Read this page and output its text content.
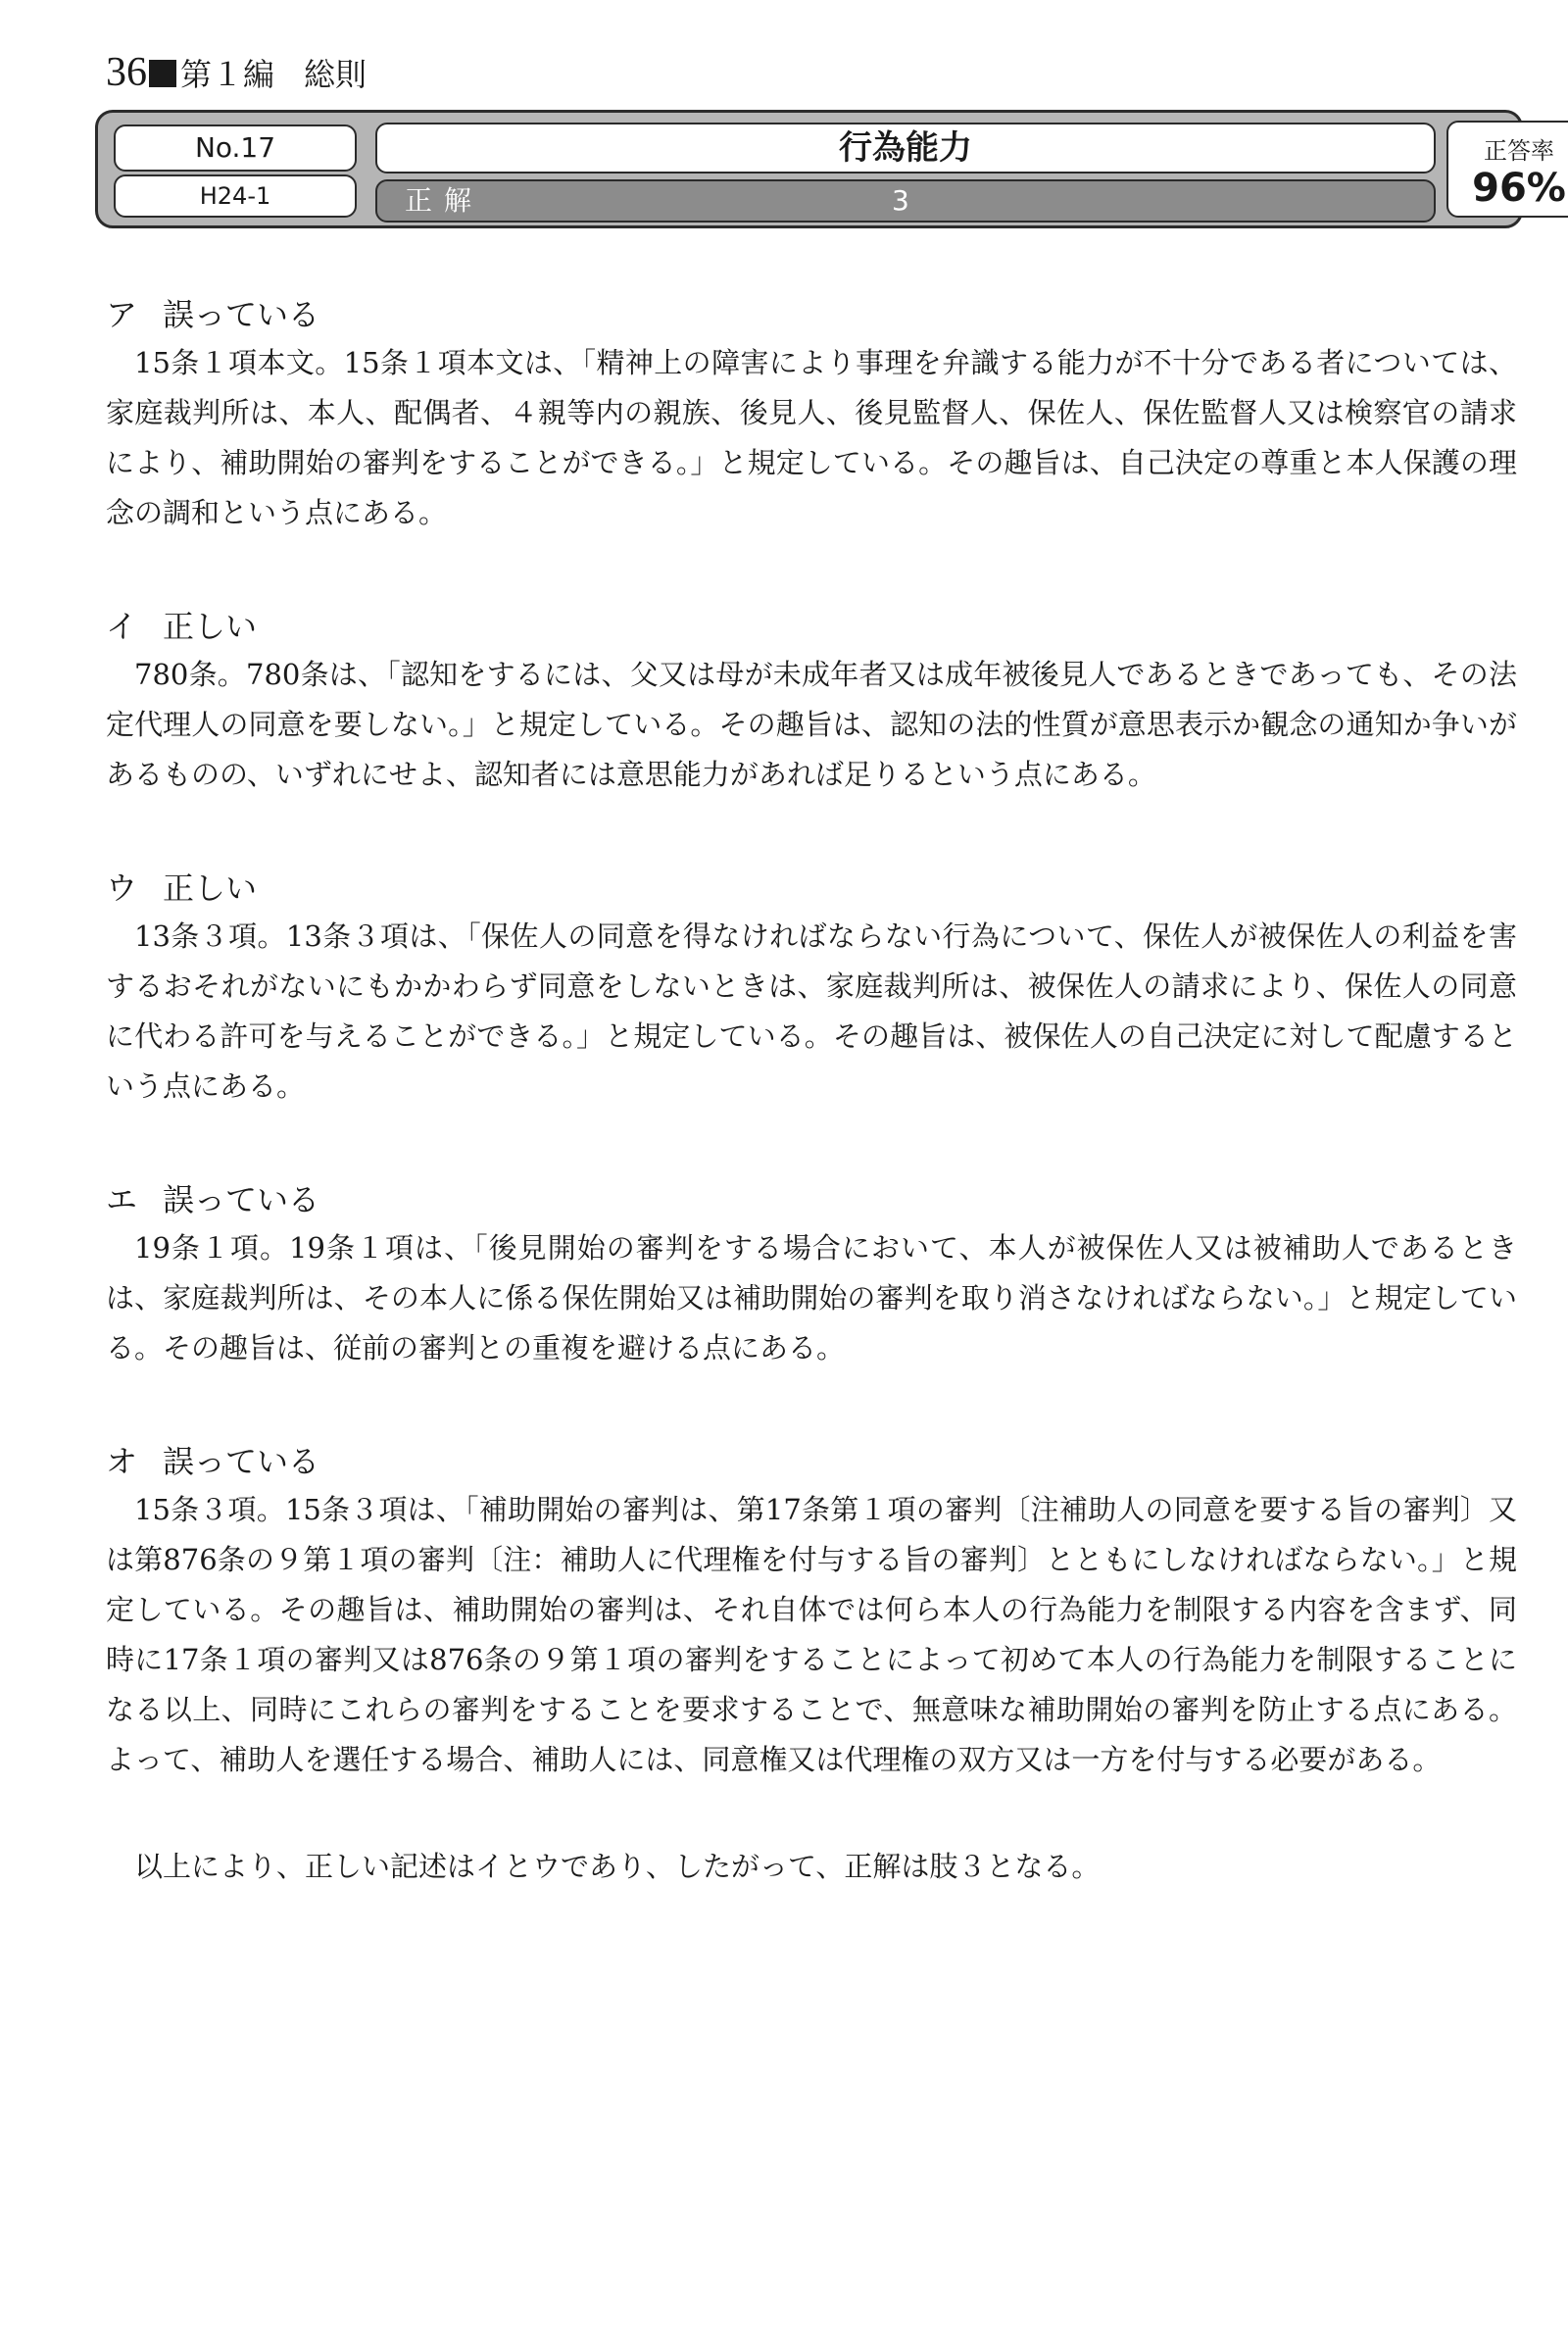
36 第１編 総則
No.17
H24-1
行為能力
正解	3
正答率
96%
ア 誤っている
15条１項本文。15条１項本文は、「精神上の障害により事理を弁識する能力が不十分である者については、家庭裁判所は、本人、配偶者、４親等内の親族、後見人、後見監督人、保佐人、保佐監督人又は検察官の請求により、補助開始の審判をすることができる。」と規定している。その趣旨は、自己決定の尊重と本人保護の理念の調和という点にある。
イ 正しい
780条。780条は、「認知をするには、父又は母が未成年者又は成年被後見人であるときであっても、その法定代理人の同意を要しない。」と規定している。その趣旨は、認知の法的性質が意思表示か観念の通知か争いがあるものの、いずれにせよ、認知者には意思能力があれば足りるという点にある。
ウ 正しい
13条３項。13条３項は、「保佐人の同意を得なければならない行為について、保佐人が被保佐人の利益を害するおそれがないにもかかわらず同意をしないときは、家庭裁判所は、被保佐人の請求により、保佐人の同意に代わる許可を与えることができる。」と規定している。その趣旨は、被保佐人の自己決定に対して配慮するという点にある。
エ 誤っている
19条１項。19条１項は、「後見開始の審判をする場合において、本人が被保佐人又は被補助人であるときは、家庭裁判所は、その本人に係る保佐開始又は補助開始の審判を取り消さなければならない。」と規定している。その趣旨は、従前の審判との重複を避ける点にある。
オ 誤っている
15条３項。15条３項は、「補助開始の審判は、第17条第１項の審判〔注補助人の同意を要する旨の審判〕又は第876条の９第１項の審判〔注：補助人に代理権を付与する旨の審判〕とともにしなければならない。」と規定している。その趣旨は、補助開始の審判は、それ自体では何ら本人の行為能力を制限する内容を含まず、同時に17条１項の審判又は876条の９第１項の審判をすることによって初めて本人の行為能力を制限することになる以上、同時にこれらの審判をすることを要求することで、無意味な補助開始の審判を防止する点にある。よって、補助人を選任する場合、補助人には、同意権又は代理権の双方又は一方を付与する必要がある。
以上により、正しい記述はイとウであり、したがって、正解は肢３となる。
